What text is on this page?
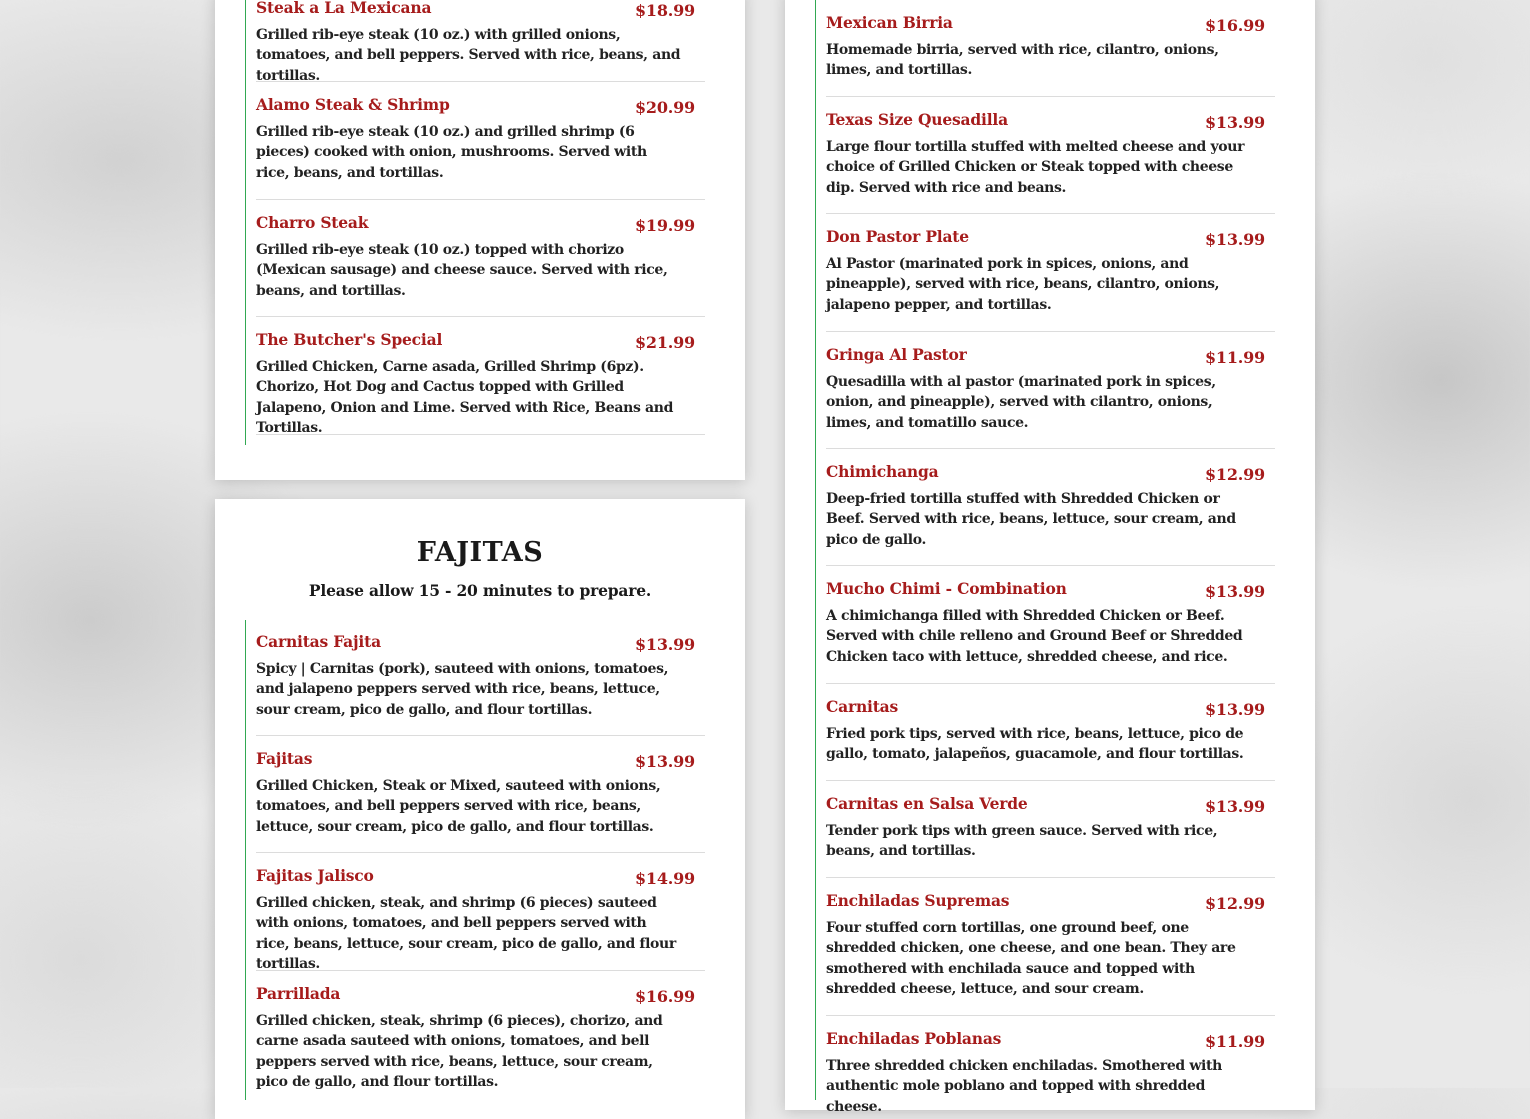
FAJITAS

Please allow 15 - 20 minutes to prepare.

Steak a La Mexicana	$18.99
Grilled rib-eye steak (10 oz.) with grilled onions, tomatoes, and bell peppers. Served with rice, beans, and tortillas.
Alamo Steak & Shrimp	$20.99
Grilled rib-eye steak (10 oz.) and grilled shrimp (6 pieces) cooked with onion, mushrooms. Served with rice, beans, and tortillas.
Charro Steak	$19.99
Grilled rib-eye steak (10 oz.) topped with chorizo (Mexican sausage) and cheese sauce. Served with rice, beans, and tortillas.
The Butcher's Special	$21.99
Grilled Chicken, Carne asada, Grilled Shrimp (6pz). Chorizo, Hot Dog and Cactus topped with Grilled Jalapeno, Onion and Lime. Served with Rice, Beans and Tortillas.
Carnitas Fajita	$13.99
Spicy | Carnitas (pork), sauteed with onions, tomatoes, and jalapeno peppers served with rice, beans, lettuce, sour cream, pico de gallo, and flour tortillas.
Fajitas	$13.99
Grilled Chicken, Steak or Mixed, sauteed with onions, tomatoes, and bell peppers served with rice, beans, lettuce, sour cream, pico de gallo, and flour tortillas.
Fajitas Jalisco	$14.99
Grilled chicken, steak, and shrimp (6 pieces) sauteed with onions, tomatoes, and bell peppers served with rice, beans, lettuce, sour cream, pico de gallo, and flour tortillas.
Parrillada	$16.99
Grilled chicken, steak, shrimp (6 pieces), chorizo, and carne asada sauteed with onions, tomatoes, and bell peppers served with rice, beans, lettuce, sour cream, pico de gallo, and flour tortillas.
Mexican Birria	$16.99
Homemade birria, served with rice, cilantro, onions, limes, and tortillas.
Texas Size Quesadilla	$13.99
Large flour tortilla stuffed with melted cheese and your choice of Grilled Chicken or Steak topped with cheese dip. Served with rice and beans.
Don Pastor Plate	$13.99
Al Pastor (marinated pork in spices, onions, and pineapple), served with rice, beans, cilantro, onions, jalapeno pepper, and tortillas.
Gringa Al Pastor	$11.99
Quesadilla with al pastor (marinated pork in spices, onion, and pineapple), served with cilantro, onions, limes, and tomatillo sauce.
Chimichanga	$12.99
Deep-fried tortilla stuffed with Shredded Chicken or Beef. Served with rice, beans, lettuce, sour cream, and pico de gallo.
Mucho Chimi - Combination	$13.99
A chimichanga filled with Shredded Chicken or Beef. Served with chile relleno and Ground Beef or Shredded Chicken taco with lettuce, shredded cheese, and rice.
Carnitas	$13.99
Fried pork tips, served with rice, beans, lettuce, pico de gallo, tomato, jalapeños, guacamole, and flour tortillas.
Carnitas en Salsa Verde	$13.99
Tender pork tips with green sauce. Served with rice, beans, and tortillas.
Enchiladas Supremas	$12.99
Four stuffed corn tortillas, one ground beef, one shredded chicken, one cheese, and one bean. They are smothered with enchilada sauce and topped with shredded cheese, lettuce, and sour cream.
Enchiladas Poblanas	$11.99
Three shredded chicken enchiladas. Smothered with authentic mole poblano and topped with shredded cheese.
